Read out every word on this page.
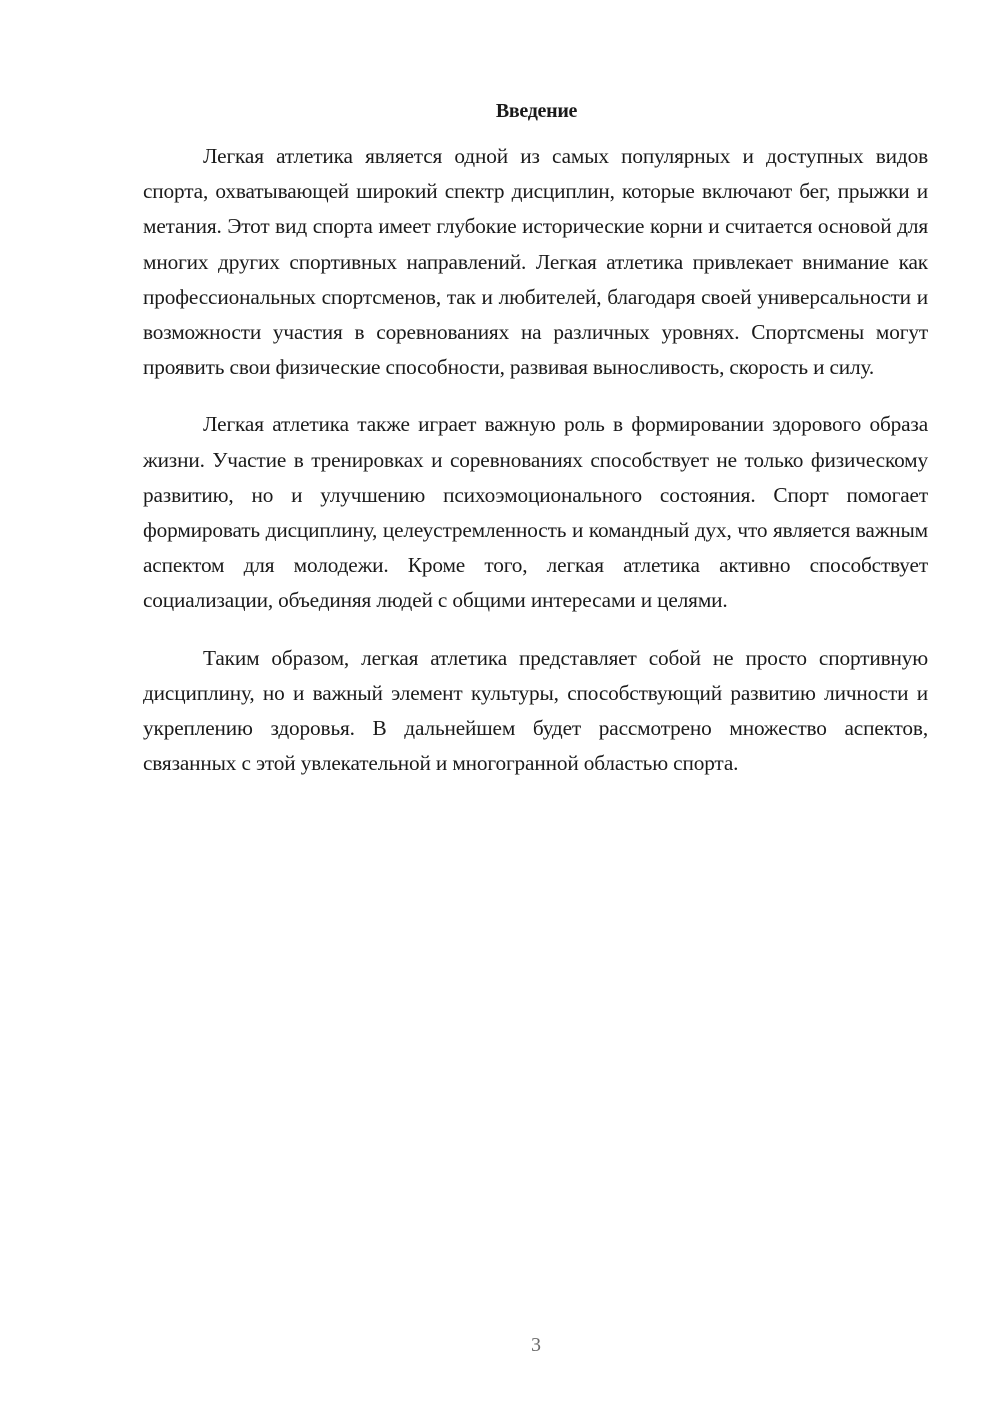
Введение

Легкая атлетика является одной из самых популярных и доступных видов спорта, охватывающей широкий спектр дисциплин, которые включают бег, прыжки и метания. Этот вид спорта имеет глубокие исторические корни и считается основой для многих других спортивных направлений. Легкая атлетика привлекает внимание как профессиональных спортсменов, так и любителей, благодаря своей универсальности и возможности участия в соревнованиях на различных уровнях. Спортсмены могут проявить свои физические способности, развивая выносливость, скорость и силу.

Легкая атлетика также играет важную роль в формировании здорового образа жизни. Участие в тренировках и соревнованиях способствует не только физическому развитию, но и улучшению психоэмоционального состояния. Спорт помогает формировать дисциплину, целеустремленность и командный дух, что является важным аспектом для молодежи. Кроме того, легкая атлетика активно способствует социализации, объединяя людей с общими интересами и целями.

Таким образом, легкая атлетика представляет собой не просто спортивную дисциплину, но и важный элемент культуры, способствующий развитию личности и укреплению здоровья. В дальнейшем будет рассмотрено множество аспектов, связанных с этой увлекательной и многогранной областью спорта.

3
